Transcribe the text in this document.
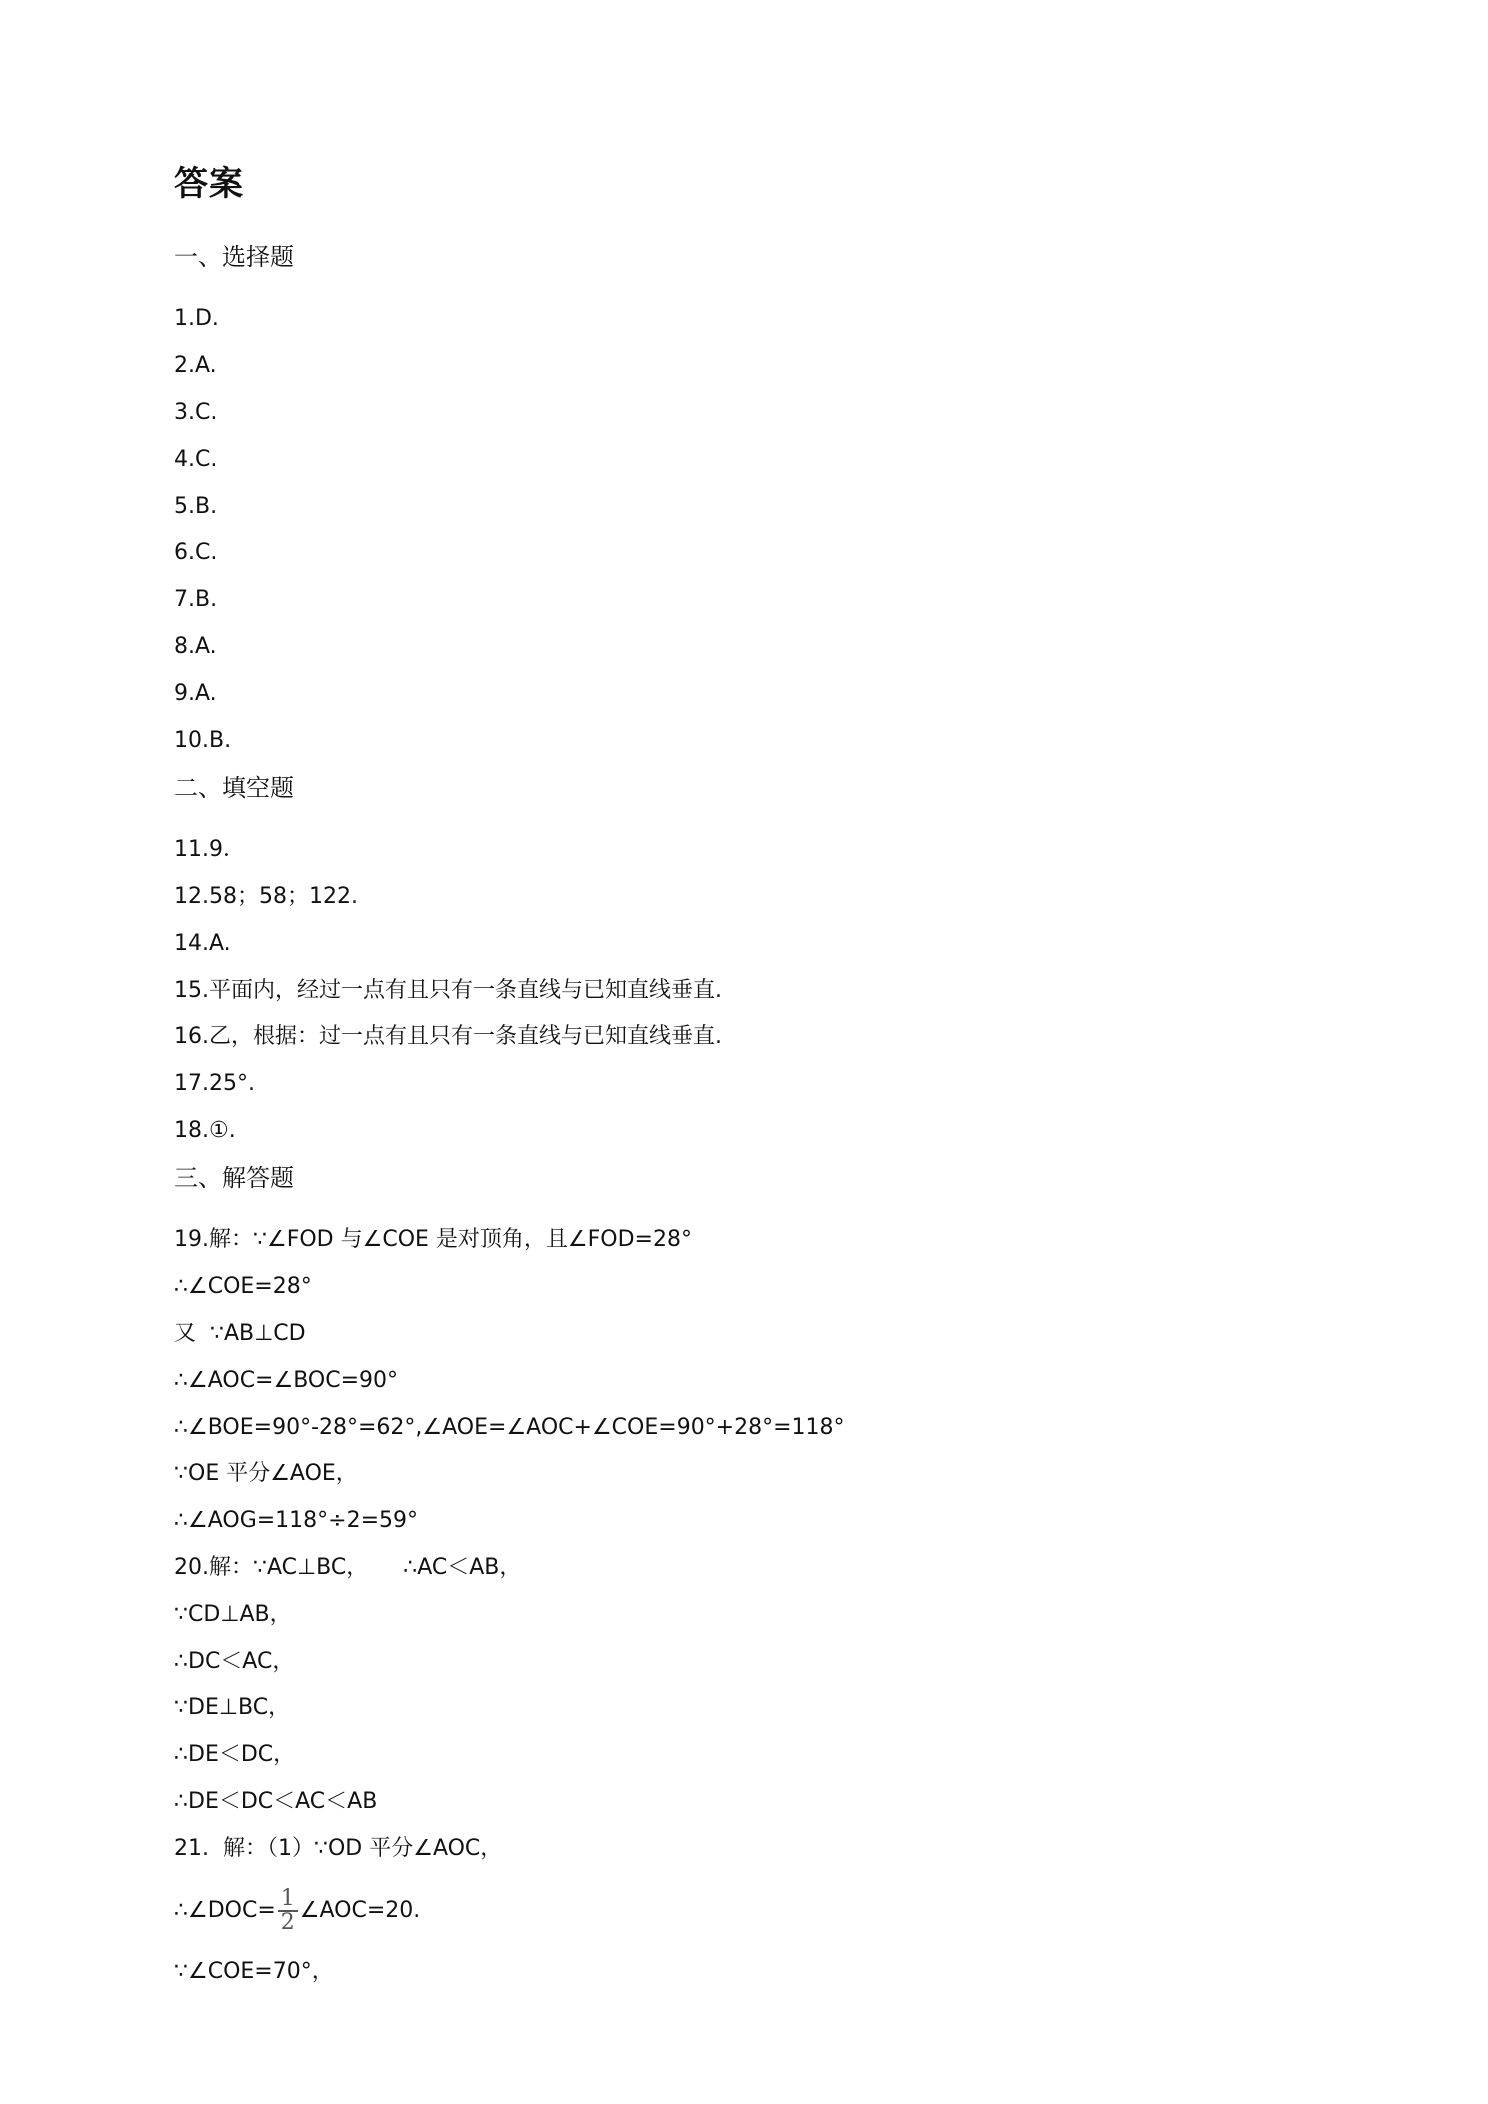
答案
一、选择题
1.D.
2.A.
3.C.
4.C.
5.B.
6.C.
7.B.
8.A.
9.A.
10.B.
二、填空题
11.9．
12.58；58；122.
14.A.
15.平面内，经过一点有且只有一条直线与已知直线垂直.
16.乙，根据：过一点有且只有一条直线与已知直线垂直.
17.25°.
18.①.
三、解答题
19.解：∵∠FOD 与∠COE 是对顶角，且∠FOD=28°
∴∠COE=28°
又  ∵AB⊥CD
∴∠AOC=∠BOC=90°
∴∠BOE=90°-28°=62°,∠AOE=∠AOC+∠COE=90°+28°=118°
∵OE 平分∠AOE，
∴∠AOG=118°÷2=59°
20.解：∵AC⊥BC，     ∴AC＜AB，
∵CD⊥AB，
∴DC＜AC，
∵DE⊥BC，
∴DE＜DC，
∴DE＜DC＜AC＜AB
21.  解：（1）∵OD 平分∠AOC，
∴∠DOC= $\frac{1}{2}$ ∠AOC=20.
∵∠COE=70°，
